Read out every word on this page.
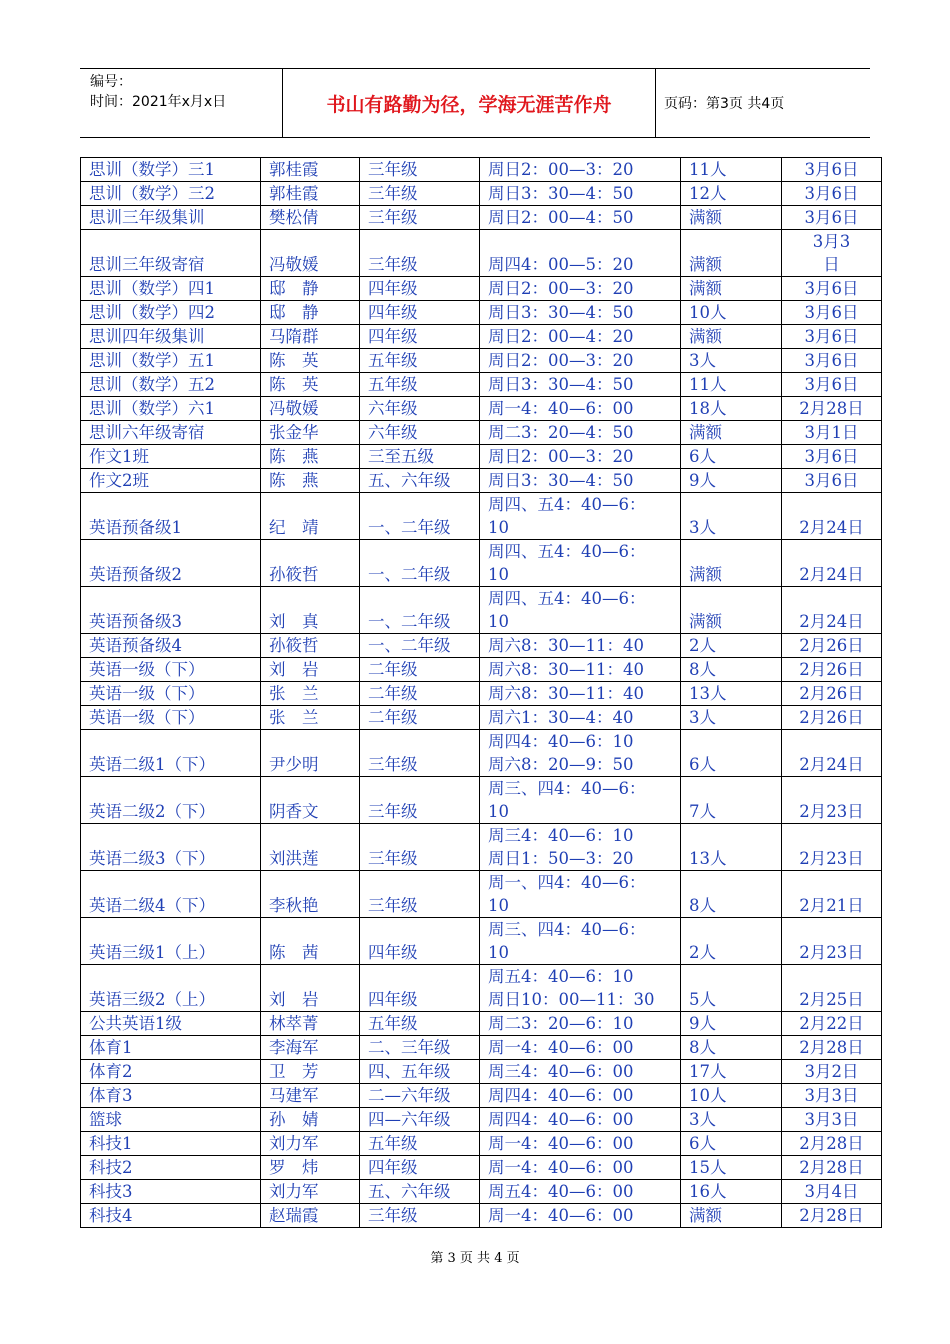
编号：
时间：2021年x月x日	书山有路勤为径，学海无涯苦作舟	页码：第3页 共4页
思训（数学）三1	郭桂霞	三年级	周日2：00—3：20	11人	3月6日

思训（数学）三2	郭桂霞	三年级	周日3：30—4：50	12人	3月6日

思训三年级集训	樊松倩	三年级	周日2：00—4：50	满额	3月6日

思训三年级寄宿	冯敬媛	三年级	周四4：00—5：20	满额	3月3
日

思训（数学）四1	邸　静	四年级	周日2：00—3：20	满额	3月6日

思训（数学）四2	邸　静	四年级	周日3：30—4：50	10人	3月6日

思训四年级集训	马隋群	四年级	周日2：00—4：20	满额	3月6日

思训（数学）五1	陈　英	五年级	周日2：00—3：20	3人	3月6日

思训（数学）五2	陈　英	五年级	周日3：30—4：50	11人	3月6日

思训（数学）六1	冯敬媛	六年级	周一4：40—6：00	18人	2月28日

思训六年级寄宿	张金华	六年级	周二3：20—4：50	满额	3月1日

作文1班	陈　燕	三至五级	周日2：00—3：20	6人	3月6日

作文2班	陈　燕	五、六年级	周日3：30—4：50	9人	3月6日

英语预备级1	纪　靖	一、二年级	周四、五4：40—6：
10	3人	2月24日

英语预备级2	孙筱哲	一、二年级	周四、五4：40—6：
10	满额	2月24日

英语预备级3	刘　真	一、二年级	周四、五4：40—6：
10	满额	2月24日

英语预备级4	孙筱哲	一、二年级	周六8：30—11：40	2人	2月26日

英语一级（下）	刘　岩	二年级	周六8：30—11：40	8人	2月26日

英语一级（下）	张　兰	二年级	周六8：30—11：40	13人	2月26日

英语一级（下）	张　兰	二年级	周六1：30—4：40	3人	2月26日

英语二级1（下）	尹少明	三年级	周四4：40—6：10
周六8：20—9：50	6人	2月24日

英语二级2（下）	阴香文	三年级	周三、四4：40—6：
10	7人	2月23日

英语二级3（下）	刘洪莲	三年级	周三4：40—6：10
周日1：50—3：20	13人	2月23日

英语二级4（下）	李秋艳	三年级	周一、四4：40—6：
10	8人	2月21日

英语三级1（上）	陈　茜	四年级	周三、四4：40—6：
10	2人	2月23日

英语三级2（上）	刘　岩	四年级	周五4：40—6：10
周日10：00—11：30	5人	2月25日

公共英语1级	林萃菁	五年级	周二3：20—6：10	9人	2月22日

体育1	李海军	二、三年级	周一4：40—6：00	8人	2月28日

体育2	卫　芳	四、五年级	周三4：40—6：00	17人	3月2日

体育3	马建军	二—六年级	周四4：40—6：00	10人	3月3日

篮球	孙　婧	四—六年级	周四4：40—6：00	3人	3月3日

科技1	刘力军	五年级	周一4：40—6：00	6人	2月28日

科技2	罗　炜	四年级	周一4：40—6：00	15人	2月28日

科技3	刘力军	五、六年级	周五4：40—6：00	16人	3月4日

科技4	赵瑞霞	三年级	周一4：40—6：00	满额	2月28日
第 3 页 共 4 页
